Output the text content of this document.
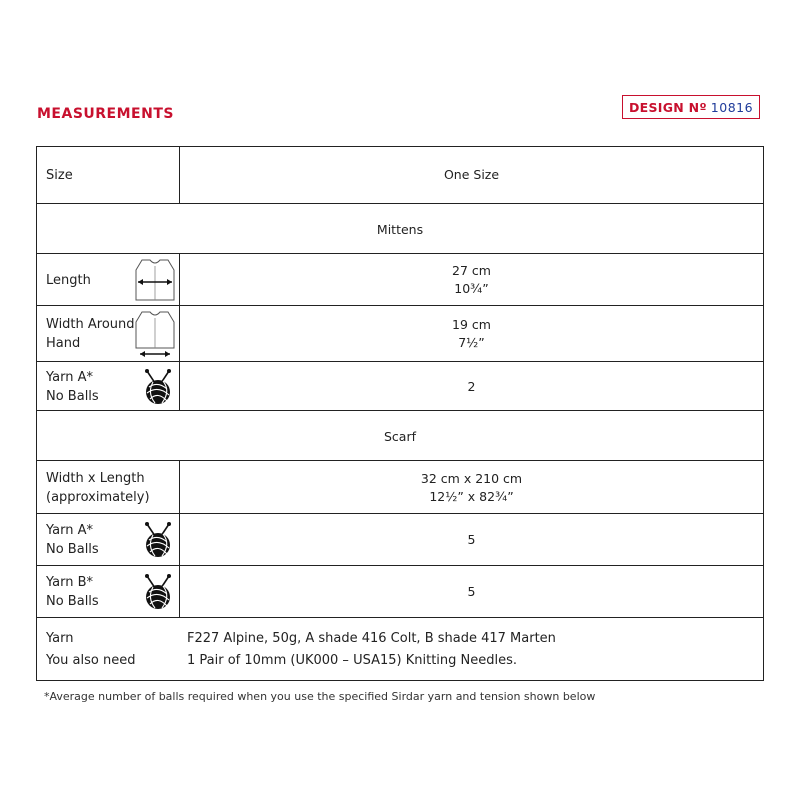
MEASUREMENTS	DESIGN Nº 10816
Size	One Size
Mittens
Length
27 cm
10¾”
Width Around
Hand
19 cm
7½”
Yarn A*
No Balls
2
Scarf
Width x Length
(approximately)
32 cm x 210 cm
12½” x 82¾”
Yarn A*
No Balls
5
Yarn B*
No Balls
5
Yarn
You also need
F227 Alpine, 50g, A shade 416 Colt, B shade 417 Marten
1 Pair of 10mm (UK000 – USA15) Knitting Needles.
*Average number of balls required when you use the specified Sirdar yarn and tension shown below
